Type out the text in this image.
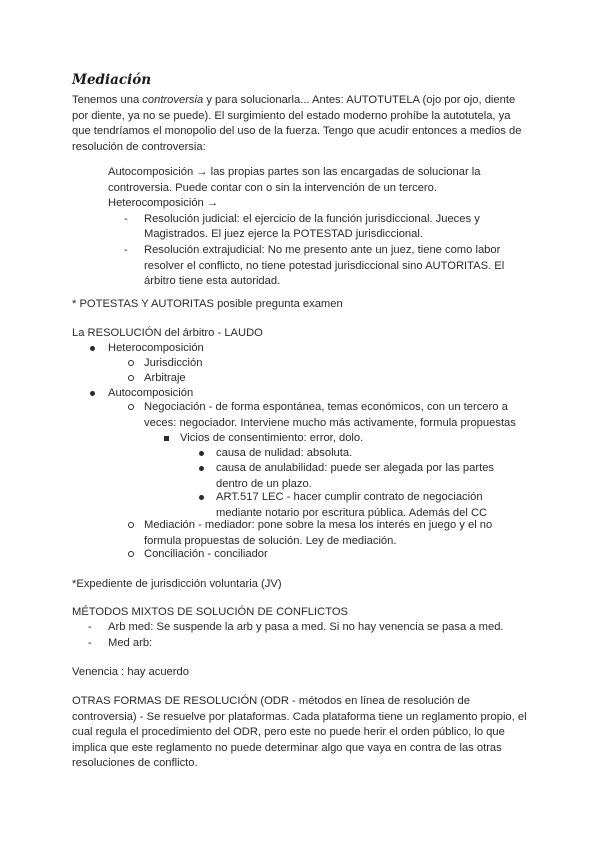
Mediación

Tenemos una controversia y para solucionarla... Antes: AUTOTUTELA (ojo por ojo, diente por diente, ya no se puede). El surgimiento del estado moderno prohíbe la autotutela, ya que tendríamos el monopolio del uso de la fuerza. Tengo que acudir entonces a medios de resolución de controversia:

Autocomposición → las propias partes son las encargadas de solucionar la controversia. Puede contar con o sin la intervención de un tercero.

Heterocomposición →

- Resolución judicial: el ejercicio de la función jurisdiccional. Jueces y Magistrados. El juez ejerce la POTESTAD jurisdiccional.
- Resolución extrajudicial: No me presento ante un juez, tiene como labor resolver el conflicto, no tiene potestad jurisdiccional sino AUTORITAS. El árbitro tiene esta autoridad.

* POTESTAS Y AUTORITAS posible pregunta examen

La RESOLUCIÓN del árbitro - LAUDO

Heterocomposición
Jurisdicción
Arbitraje
Autocomposición
Negociación - de forma espontánea, temas económicos, con un tercero a veces: negociador. Interviene mucho más activamente, formula propuestas
Vicios de consentimiento: error, dolo.
causa de nulidad: absoluta.
causa de anulabilidad: puede ser alegada por las partes dentro de un plazo.
ART.517 LEC - hacer cumplir contrato de negociación mediante notario por escritura pública. Además del CC
Mediación - mediador: pone sobre la mesa los interés en juego y el no formula propuestas de solución. Ley de mediación.
Conciliación - conciliador

*Expediente de jurisdicción voluntaria (JV)

MÉTODOS MIXTOS DE SOLUCIÓN DE CONFLICTOS

- Arb med: Se suspende la arb y pasa a med. Si no hay venencia se pasa a med.
- Med arb:

Venencia : hay acuerdo

OTRAS FORMAS DE RESOLUCIÓN (ODR - métodos en línea de resolución de controversia) - Se resuelve por plataformas. Cada plataforma tiene un reglamento propio, el cual regula el procedimiento del ODR, pero este no puede herir el orden público, lo que implica que este reglamento no puede determinar algo que vaya en contra de las otras resoluciones de conflicto.
